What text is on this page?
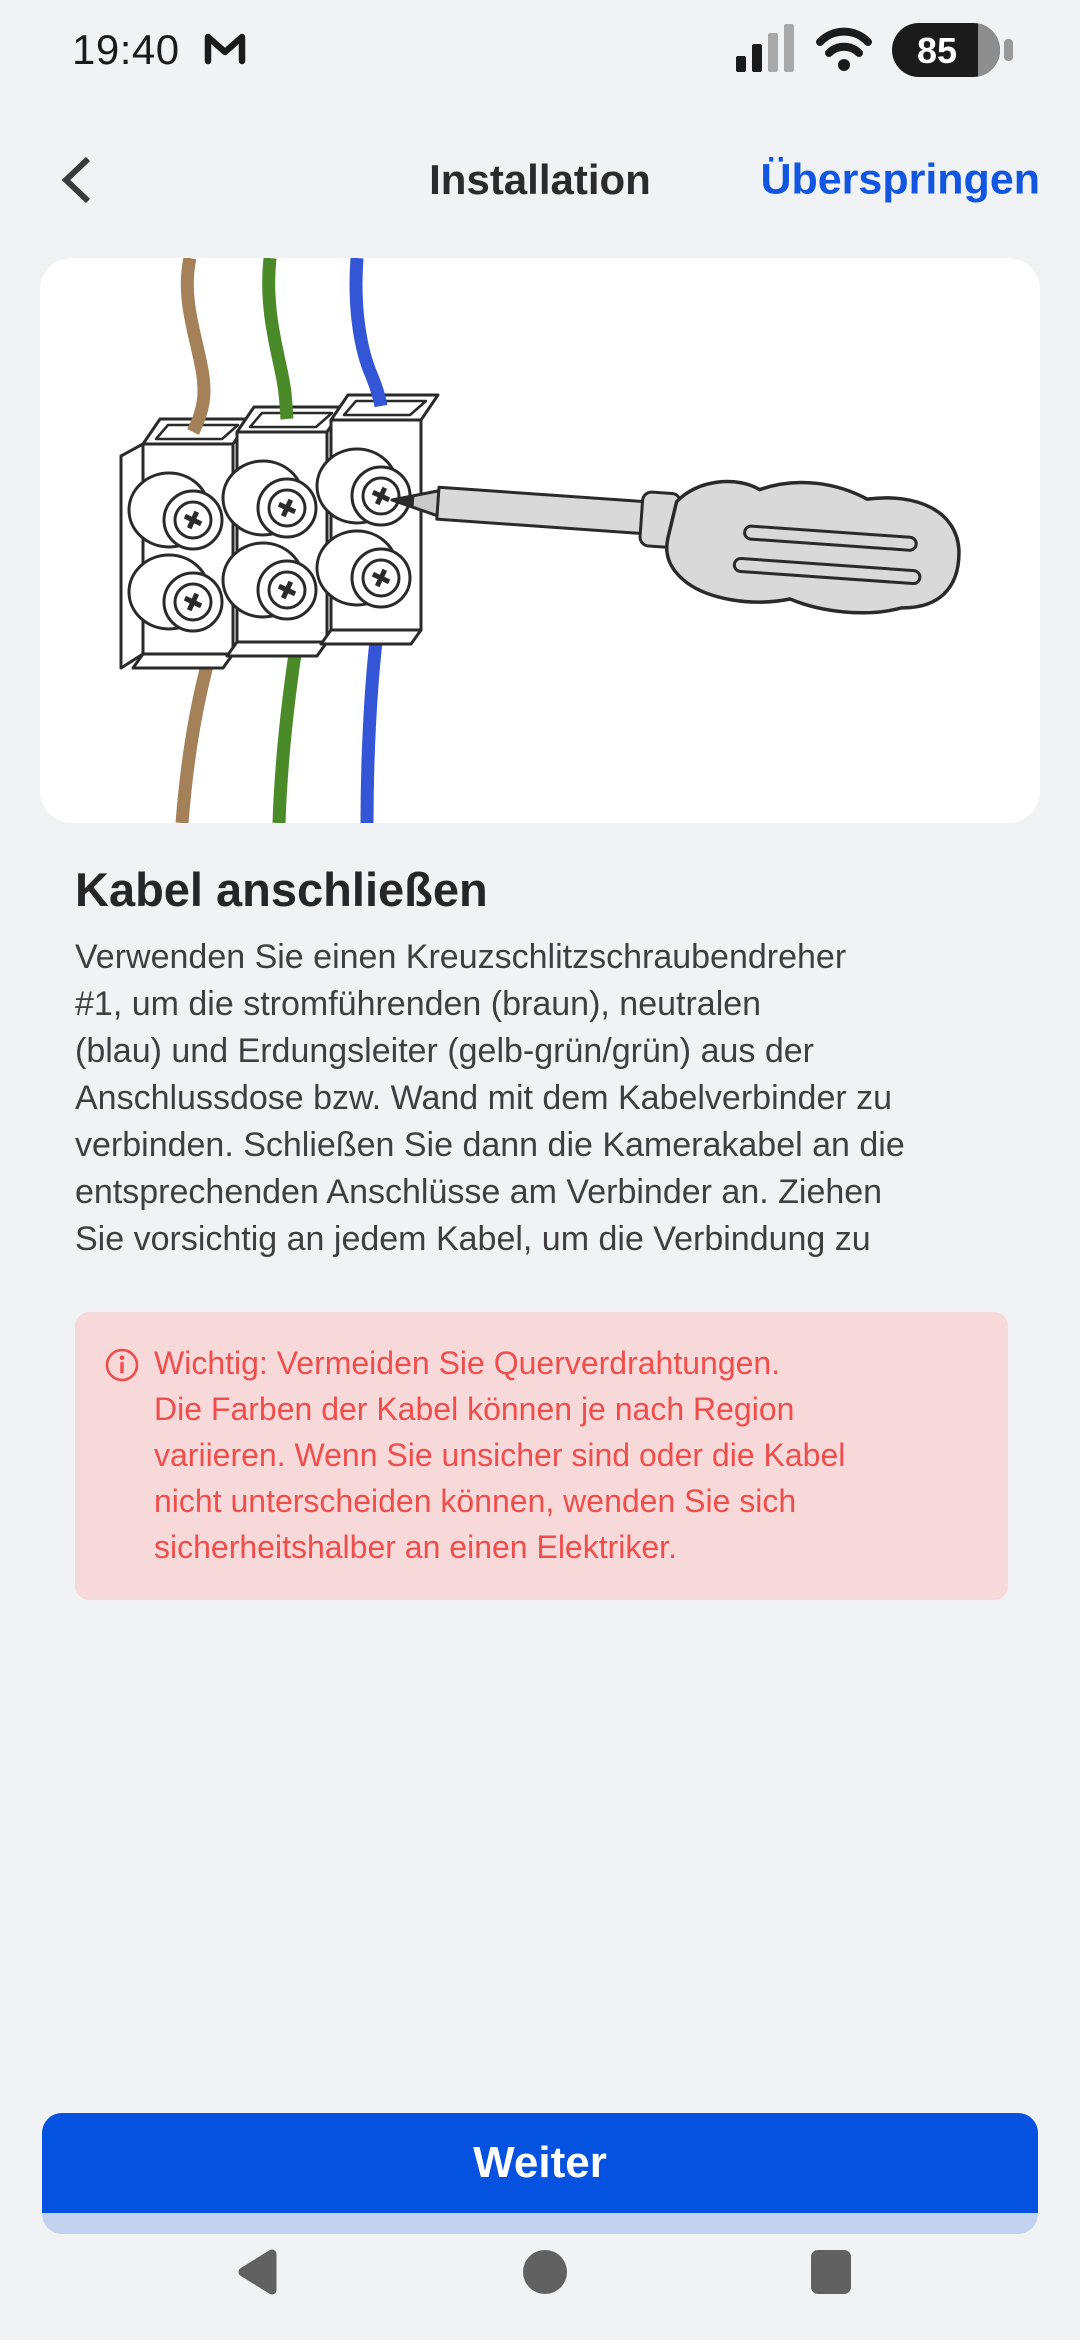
19:40	85
Installation	Überspringen
Kabel anschließen
Verwenden Sie einen Kreuzschlitzschraubendreher
#1, um die stromführenden (braun), neutralen
(blau) und Erdungsleiter (gelb-grün/grün) aus der
Anschlussdose bzw. Wand mit dem Kabelverbinder zu
verbinden. Schließen Sie dann die Kamerakabel an die
entsprechenden Anschlüsse am Verbinder an. Ziehen
Sie vorsichtig an jedem Kabel, um die Verbindung zu
Wichtig: Vermeiden Sie Querverdrahtungen.
Die Farben der Kabel können je nach Region
variieren. Wenn Sie unsicher sind oder die Kabel
nicht unterscheiden können, wenden Sie sich
sicherheitshalber an einen Elektriker.
Weiter
